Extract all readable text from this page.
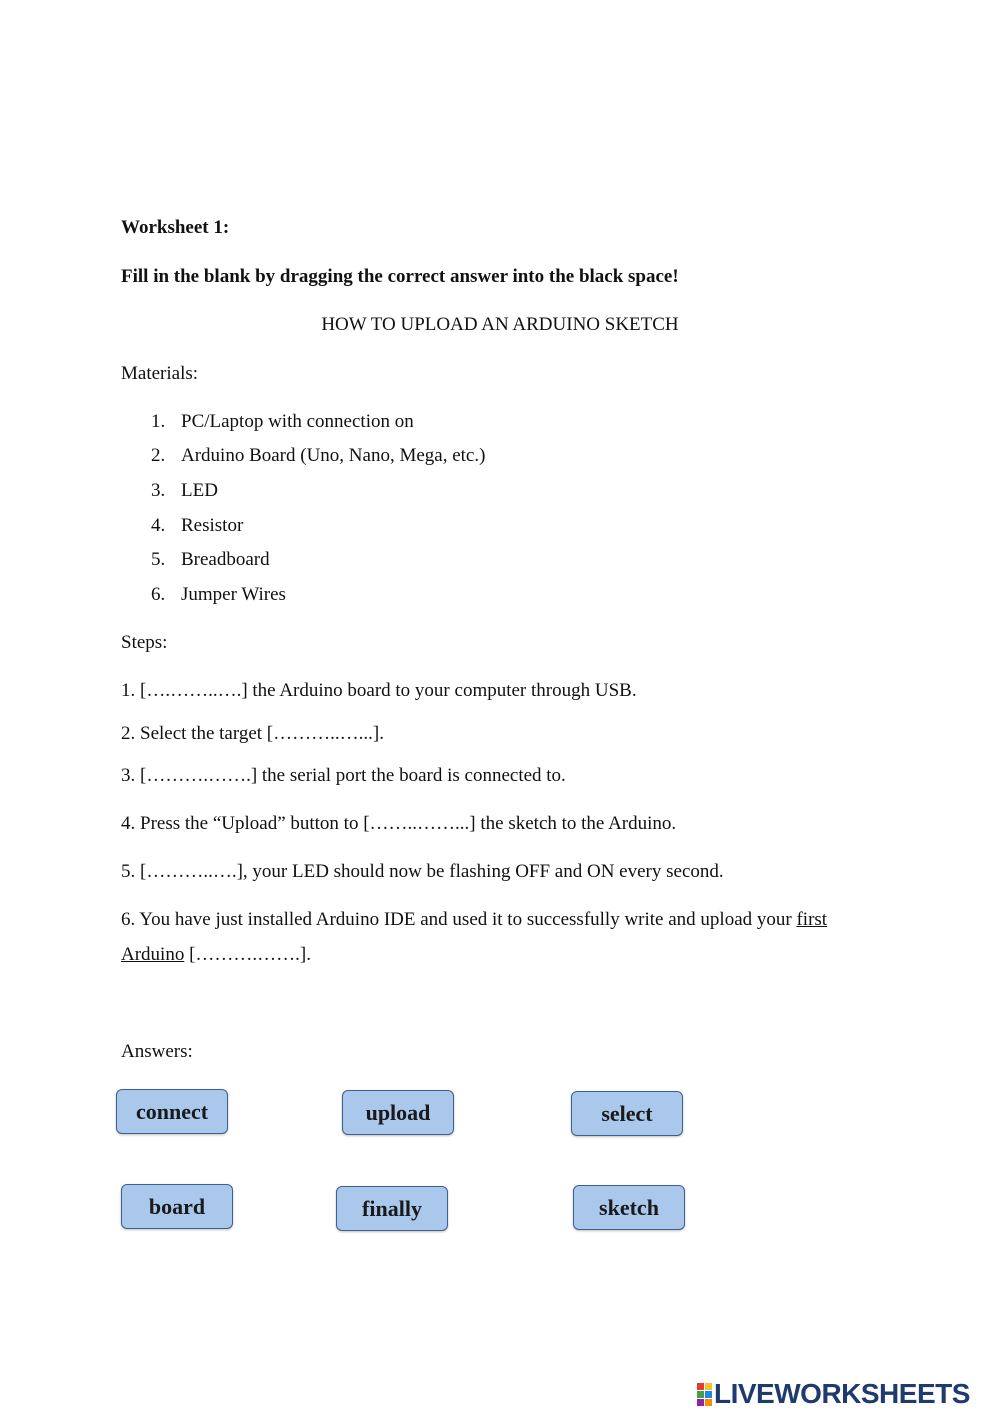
Worksheet 1:
Fill in the blank by dragging the correct answer into the black space!
HOW TO UPLOAD AN ARDUINO SKETCH
Materials:
1. PC/Laptop with connection on
2. Arduino Board (Uno, Nano, Mega, etc.)
3. LED
4. Resistor
5. Breadboard
6. Jumper Wires
Steps:
1. [….……..….] the Arduino board to your computer through USB.
2. Select the target [………..…...].
3. [……….…….] the serial port the board is connected to.
4. Press the “Upload” button to [……..……...] the sketch to the Arduino.
5. [………..….], your LED should now be flashing OFF and ON every second.
6. You have just installed Arduino IDE and used it to successfully write and upload your first
Arduino [……….…….].
Answers:
connect	upload	select
board	finally	sketch
LIVEWORKSHEETS
